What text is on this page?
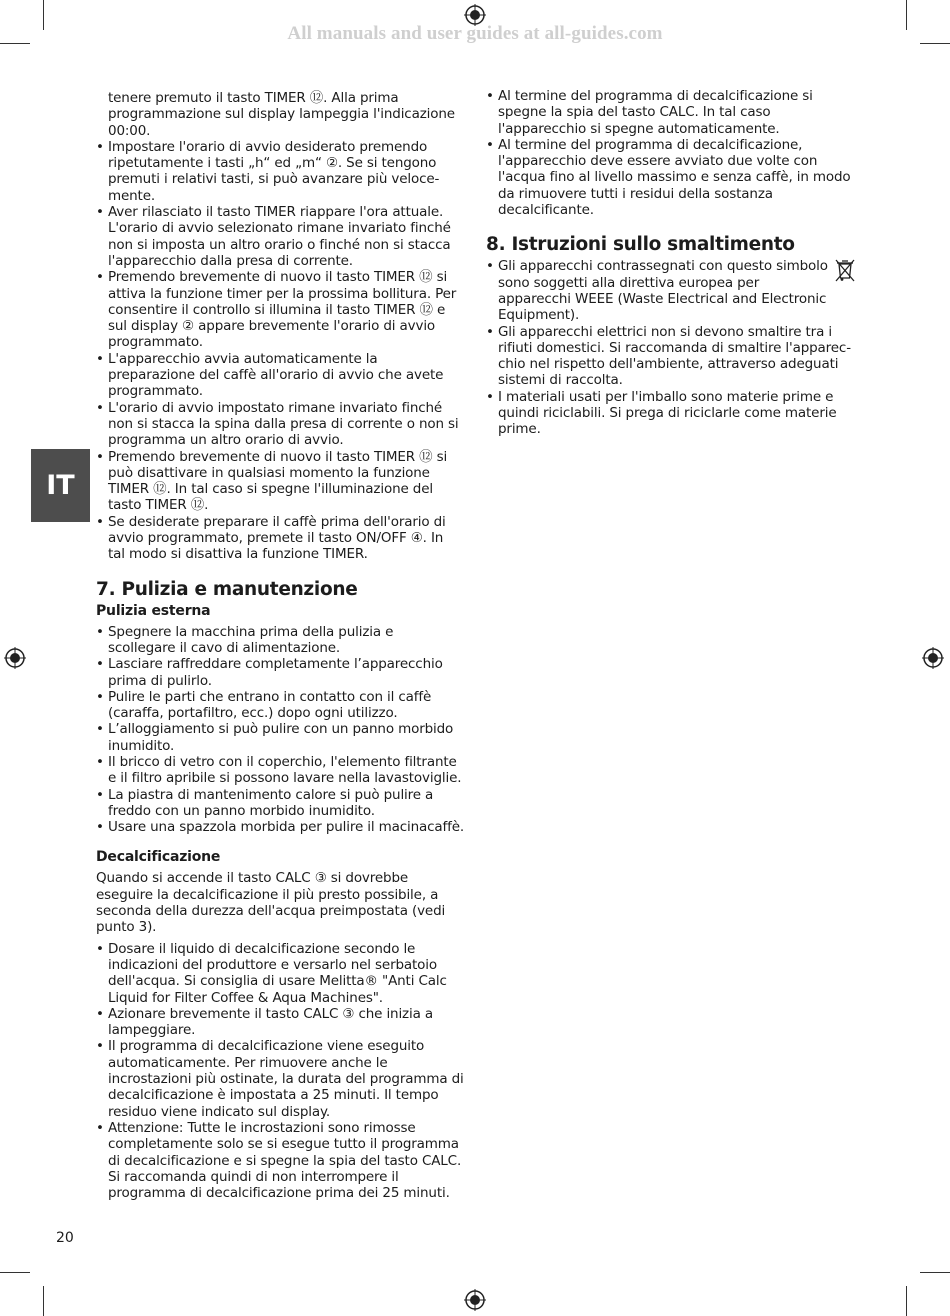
All manuals and user guides at all-guides.com
IT
tenere premuto il tasto TIMER ⑫. Alla prima programmazione sul display lampeggia l'indicazione 00:00.
• Impostare l'orario di avvio desiderato premendo ripetutamente i tasti „h“ ed „m“ ②. Se si tengono premuti i relativi tasti, si può avanzare più veloce-mente.
• Aver rilasciato il tasto TIMER riappare l'ora attuale. L'orario di avvio selezionato rimane invariato finché non si imposta un altro orario o finché non si stacca l'apparecchio dalla presa di corrente.
• Premendo brevemente di nuovo il tasto TIMER ⑫ si attiva la funzione timer per la prossima bollitura. Per consentire il controllo si illumina il tasto TIMER ⑫ e sul display ② appare brevemente l'orario di avvio programmato.
• L'apparecchio avvia automaticamente la preparazione del caffè all'orario di avvio che avete programmato.
• L'orario di avvio impostato rimane invariato finché non si stacca la spina dalla presa di corrente o non si programma un altro orario di avvio.
• Premendo brevemente di nuovo il tasto TIMER ⑫ si può disattivare in qualsiasi momento la funzione TIMER ⑫. In tal caso si spegne l'illuminazione del tasto TIMER ⑫.
• Se desiderate preparare il caffè prima dell'orario di avvio programmato, premete il tasto ON/OFF ④. In tal modo si disattiva la funzione TIMER.
7. Pulizia e manutenzione
Pulizia esterna
• Spegnere la macchina prima della pulizia e scollegare il cavo di alimentazione.
• Lasciare raffreddare completamente l’apparecchio prima di pulirlo.
• Pulire le parti che entrano in contatto con il caffè (caraffa, portafiltro, ecc.) dopo ogni utilizzo.
• L’alloggiamento si può pulire con un panno morbido inumidito.
• Il bricco di vetro con il coperchio, l'elemento filtrante e il filtro apribile si possono lavare nella lavastoviglie.
• La piastra di mantenimento calore si può pulire a freddo con un panno morbido inumidito.
• Usare una spazzola morbida per pulire il macinacaffè.
Decalcificazione

Quando si accende il tasto CALC ③ si dovrebbe eseguire la decalcificazione il più presto possibile, a seconda della durezza dell'acqua preimpostata (vedi punto 3).

• Dosare il liquido di decalcificazione secondo le indicazioni del produttore e versarlo nel serbatoio dell'acqua. Si consiglia di usare Melitta® "Anti Calc Liquid for Filter Coffee & Aqua Machines".
• Azionare brevemente il tasto CALC ③ che inizia a lampeggiare.
• Il programma di decalcificazione viene eseguito automaticamente. Per rimuovere anche le incrostazioni più ostinate, la durata del programma di decalcificazione è impostata a 25 minuti. Il tempo residuo viene indicato sul display.
• Attenzione: Tutte le incrostazioni sono rimosse completamente solo se si esegue tutto il programma di decalcificazione e si spegne la spia del tasto CALC. Si raccomanda quindi di non interrompere il programma di decalcificazione prima dei 25 minuti.
• Al termine del programma di decalcificazione si spegne la spia del tasto CALC. In tal caso l'apparecchio si spegne automaticamente.
• Al termine del programma di decalcificazione, l'apparecchio deve essere avviato due volte con l'acqua fino al livello massimo e senza caffè, in modo da rimuovere tutti i residui della sostanza decalcificante.
8. Istruzioni sullo smaltimento
• Gli apparecchi contrassegnati con questo simbolo sono soggetti alla direttiva europea per apparecchi WEEE (Waste Electrical and Electronic Equipment).
• Gli apparecchi elettrici non si devono smaltire tra i rifiuti domestici. Si raccomanda di smaltire l'apparec-chio nel rispetto dell'ambiente, attraverso adeguati sistemi di raccolta.
• I materiali usati per l'imballo sono materie prime e quindi riciclabili. Si prega di riciclarle come materie prime.
20
